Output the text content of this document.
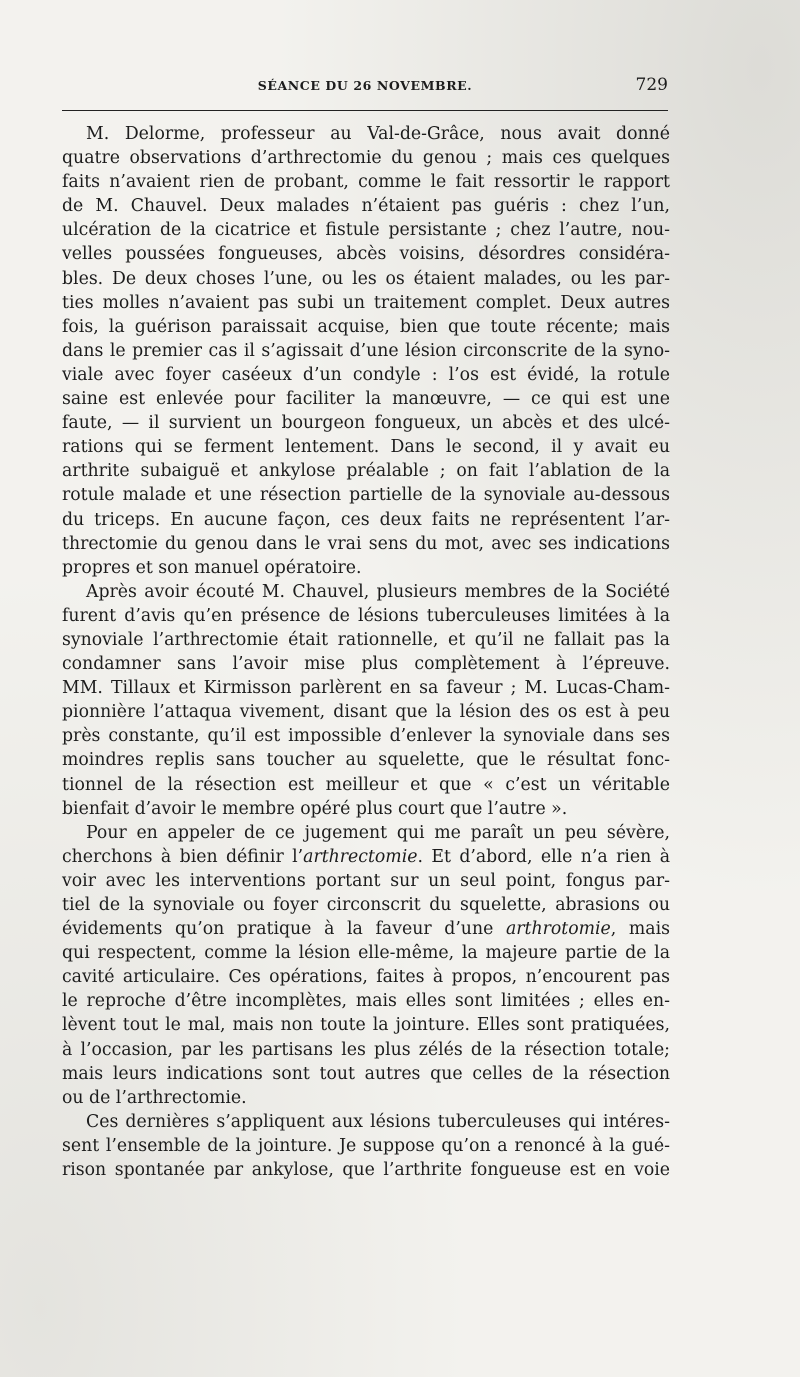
SÉANCE DU 26 NOVEMBRE.	729
M. Delorme, professeur au Val-de-Grâce, nous avait donné
quatre observations d’arthrectomie du genou ; mais ces quelques
faits n’avaient rien de probant, comme le fait ressortir le rapport
de M. Chauvel. Deux malades n’étaient pas guéris : chez l’un,
ulcération de la cicatrice et fistule persistante ; chez l’autre, nou-
velles poussées fongueuses, abcès voisins, désordres considéra-
bles. De deux choses l’une, ou les os étaient malades, ou les par-
ties molles n’avaient pas subi un traitement complet. Deux autres
fois, la guérison paraissait acquise, bien que toute récente; mais
dans le premier cas il s’agissait d’une lésion circonscrite de la syno-
viale avec foyer caséeux d’un condyle : l’os est évidé, la rotule
saine est enlevée pour faciliter la manœuvre, — ce qui est une
faute, — il survient un bourgeon fongueux, un abcès et des ulcé-
rations qui se ferment lentement. Dans le second, il y avait eu
arthrite subaiguë et ankylose préalable ; on fait l’ablation de la
rotule malade et une résection partielle de la synoviale au-dessous
du triceps. En aucune façon, ces deux faits ne représentent l’ar-
threctomie du genou dans le vrai sens du mot, avec ses indications
propres et son manuel opératoire.
Après avoir écouté M. Chauvel, plusieurs membres de la Société
furent d’avis qu’en présence de lésions tuberculeuses limitées à la
synoviale l’arthrectomie était rationnelle, et qu’il ne fallait pas la
condamner sans l’avoir mise plus complètement à l’épreuve.
MM. Tillaux et Kirmisson parlèrent en sa faveur ; M. Lucas-Cham-
pionnière l’attaqua vivement, disant que la lésion des os est à peu
près constante, qu’il est impossible d’enlever la synoviale dans ses
moindres replis sans toucher au squelette, que le résultat fonc-
tionnel de la résection est meilleur et que « c’est un véritable
bienfait d’avoir le membre opéré plus court que l’autre ».
Pour en appeler de ce jugement qui me paraît un peu sévère,
cherchons à bien définir l’arthrectomie. Et d’abord, elle n’a rien à
voir avec les interventions portant sur un seul point, fongus par-
tiel de la synoviale ou foyer circonscrit du squelette, abrasions ou
évidements qu’on pratique à la faveur d’une arthrotomie, mais
qui respectent, comme la lésion elle-même, la majeure partie de la
cavité articulaire. Ces opérations, faites à propos, n’encourent pas
le reproche d’être incomplètes, mais elles sont limitées ; elles en-
lèvent tout le mal, mais non toute la jointure. Elles sont pratiquées,
à l’occasion, par les partisans les plus zélés de la résection totale;
mais leurs indications sont tout autres que celles de la résection
ou de l’arthrectomie.
Ces dernières s’appliquent aux lésions tuberculeuses qui intéres-
sent l’ensemble de la jointure. Je suppose qu’on a renoncé à la gué-
rison spontanée par ankylose, que l’arthrite fongueuse est en voie
